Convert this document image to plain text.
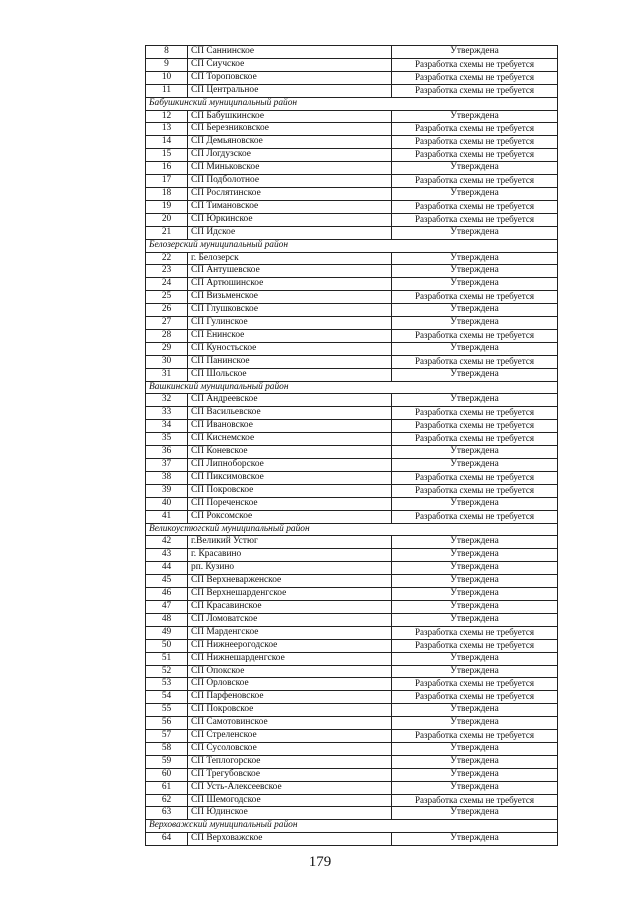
8	СП Саннинское	Утверждена
9	СП Сиучское	Разработка схемы не требуется
10	СП Тороповское	Разработка схемы не требуется
11	СП Центральное	Разработка схемы не требуется
Бабушкинский муниципальный район		
12	СП Бабушкинское	Утверждена
13	СП Березниковское	Разработка схемы не требуется
14	СП Демьяновское	Разработка схемы не требуется
15	СП Логдузское	Разработка схемы не требуется
16	СП Миньковское	Утверждена
17	СП Подболотное	Разработка схемы не требуется
18	СП Рослятинское	Утверждена
19	СП Тимановское	Разработка схемы не требуется
20	СП Юркинское	Разработка схемы не требуется
21	СП Идское	Утверждена
Белозерский муниципальный район		
22	г. Белозерск	Утверждена
23	СП Антушевское	Утверждена
24	СП Артюшинское	Утверждена
25	СП Визьменское	Разработка схемы не требуется
26	СП Глушковское	Утверждена
27	СП Гулинское	Утверждена
28	СП Енинское	Разработка схемы не требуется
29	СП Куностьское	Утверждена
30	СП Панинское	Разработка схемы не требуется
31	СП Шольское	Утверждена
Вашкинский муниципальный район		
32	СП Андреевское	Утверждена
33	СП Васильевское	Разработка схемы не требуется
34	СП Ивановское	Разработка схемы не требуется
35	СП Киснемское	Разработка схемы не требуется
36	СП Коневское	Утверждена
37	СП Липноборское	Утверждена
38	СП Пиксимовское	Разработка схемы не требуется
39	СП Покровское	Разработка схемы не требуется
40	СП Пореченское	Утверждена
41	СП Роксомское	Разработка схемы не требуется
Великоустюгский муниципальный район		
42	г.Великий Устюг	Утверждена
43	г. Красавино	Утверждена
44	рп. Кузино	Утверждена
45	СП Верхневарженское	Утверждена
46	СП Верхнешарденгское	Утверждена
47	СП Красавинское	Утверждена
48	СП Ломоватское	Утверждена
49	СП Марденгское	Разработка схемы не требуется
50	СП Нижнеерогодское	Разработка схемы не требуется
51	СП Нижнешарденгское	Утверждена
52	СП Опокское	Утверждена
53	СП Орловское	Разработка схемы не требуется
54	СП Парфеновское	Разработка схемы не требуется
55	СП Покровское	Утверждена
56	СП Самотовинское	Утверждена
57	СП Стреленское	Разработка схемы не требуется
58	СП Сусоловское	Утверждена
59	СП Теплогорское	Утверждена
60	СП Трегубовское	Утверждена
61	СП Усть-Алексеевское	Утверждена
62	СП Шемогодское	Разработка схемы не требуется
63	СП Юдинское	Утверждена
Верховажский муниципальный район		
64	СП Верховажское	Утверждена
179
